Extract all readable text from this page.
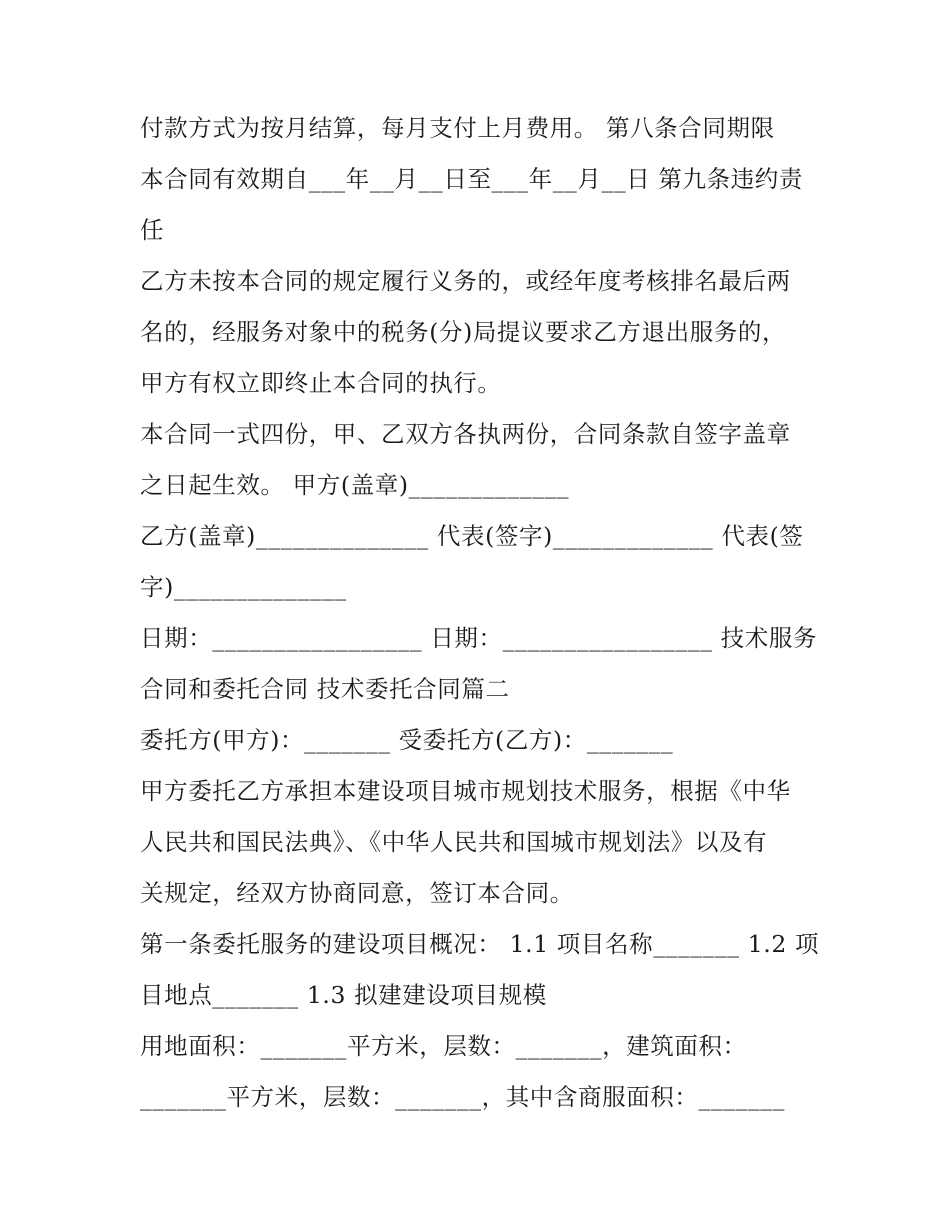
付款方式为按月结算，每月支付上月费用。 第八条合同期限
本合同有效期自___年__月__日至___年__月__日 第九条违约责
任
乙方未按本合同的规定履行义务的，或经年度考核排名最后两
名的，经服务对象中的税务(分)局提议要求乙方退出服务的，
甲方有权立即终止本合同的执行。
本合同一式四份，甲、乙双方各执两份，合同条款自签字盖章
之日起生效。 甲方(盖章)_____________
乙方(盖章)______________ 代表(签字)_____________ 代表(签
字)______________
日期：_________________ 日期：_________________ 技术服务
合同和委托合同 技术委托合同篇二
委托方(甲方)：_______ 受委托方(乙方)：_______
甲方委托乙方承担本建设项目城市规划技术服务，根据《中华
人民共和国民法典》、《中华人民共和国城市规划法》以及有
关规定，经双方协商同意，签订本合同。
第一条委托服务的建设项目概况： 1.1 项目名称_______ 1.2 项
目地点_______ 1.3 拟建建设项目规模
用地面积：_______平方米，层数：_______，建筑面积：
_______平方米，层数：_______，其中含商服面积：_______
